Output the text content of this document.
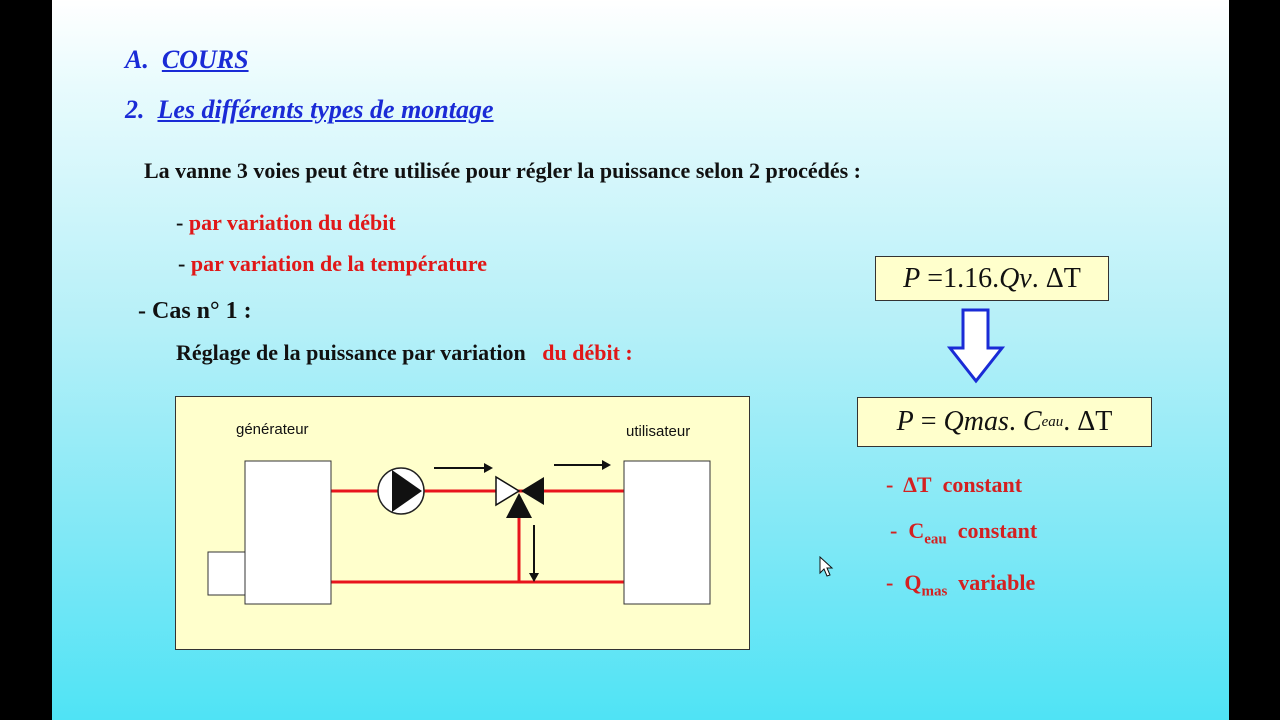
A. COURS
2. Les différents types de montage
La vanne 3 voies peut être utilisée pour régler la puissance selon 2 procédés :
- par variation du débit
- par variation de la température
- Cas n° 1 :
Réglage de la puissance par variation du débit :
générateur	utilisateur
P
= 1.16. Qv .
ΔT
P
=
Qmas .
C eau .
ΔT
- ΔT constant
- $C_{eau}$ constant
- $Q_{mas}$ variable
